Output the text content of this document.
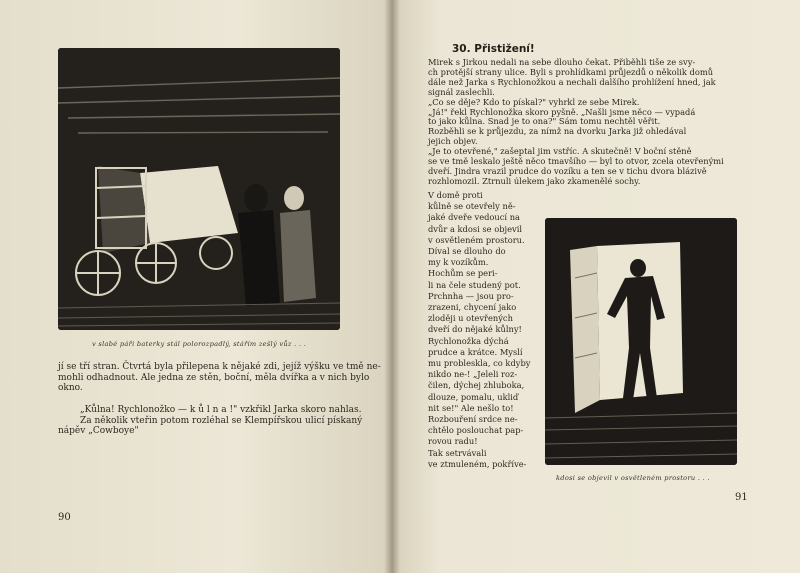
v slabé páři baterky stál polorozpadlý, stářím zešlý vůz . . .
jí se tří stran. Čtvrtá byla přilepena k nějaké zdi, jejíž výšku ve tmě ne-
mohli odhadnout. Ale jedna ze stěn, boční, měla dvířka a v nich bylo
okno.
„Kůlna! Rychlonožko — k ů l n a !" vzkřikl Jarka skoro nahlas.
Za několik vteřin potom rozléhal se Klempířskou ulicí pískaný
nápěv „Cowboye"
90
30. Přistižení!
Mirek s Jirkou nedali na sebe dlouho čekat. Přiběhli tiše ze svy-
ch protější strany ulice. Byli s prohlídkami průjezdů o několik domů
dále než Jarka s Rychlonožkou a nechali dalšího prohlížení hned, jak
signál zaslechli.
„Co se děje? Kdo to pískal?" vyhrkl ze sebe Mirek.
„Já!" řekl Rychlonožka skoro pyšně. „Našli jsme něco — vypadá
to jako kůlna. Snad je to ona?" Sám tomu nechtěl věřit.
Rozběhli se k průjezdu, za nímž na dvorku Jarka již ohledával
jejich objev.
„Je to otevřené," zašeptal jim vstříc. A skutečně! V boční stěně
se ve tmě leskalo ještě něco tmavšího — byl to otvor, zcela otevřenými
dveří. Jindra vrazil prudce do vozíku a ten se v tichu dvora blázivě
rozhlomozil. Ztrnuli úlekem jako zkamenělé sochy.
V domě proti
kůlně se otevřely ně-
jaké dveře vedoucí na
dvůr a kdosi se objevil
v osvětleném prostoru.
Díval se dlouho do
my k vozíkům.
Hochům se peri-
li na čele studený pot.
Prchnha — jsou pro-
zrazeni, chycení jako
zloději u otevřených
dveří do nějaké kůlny!
Rychlonožka dýchá
prudce a krátce. Myslí
mu probleskla, co kdyby
nikdo ne-! „Jeleli roz-
čilen, dýchej zhluboka,
dlouze, pomalu, ukliď
nit se!" Ale nešlo to!
Rozbouření srdce ne-
chtělo poslouchat pap-
rovou radu!
Tak setrvávali
ve ztmuleném, pokříve-
kdosi se objevil v osvětleném prostoru . . .
91
